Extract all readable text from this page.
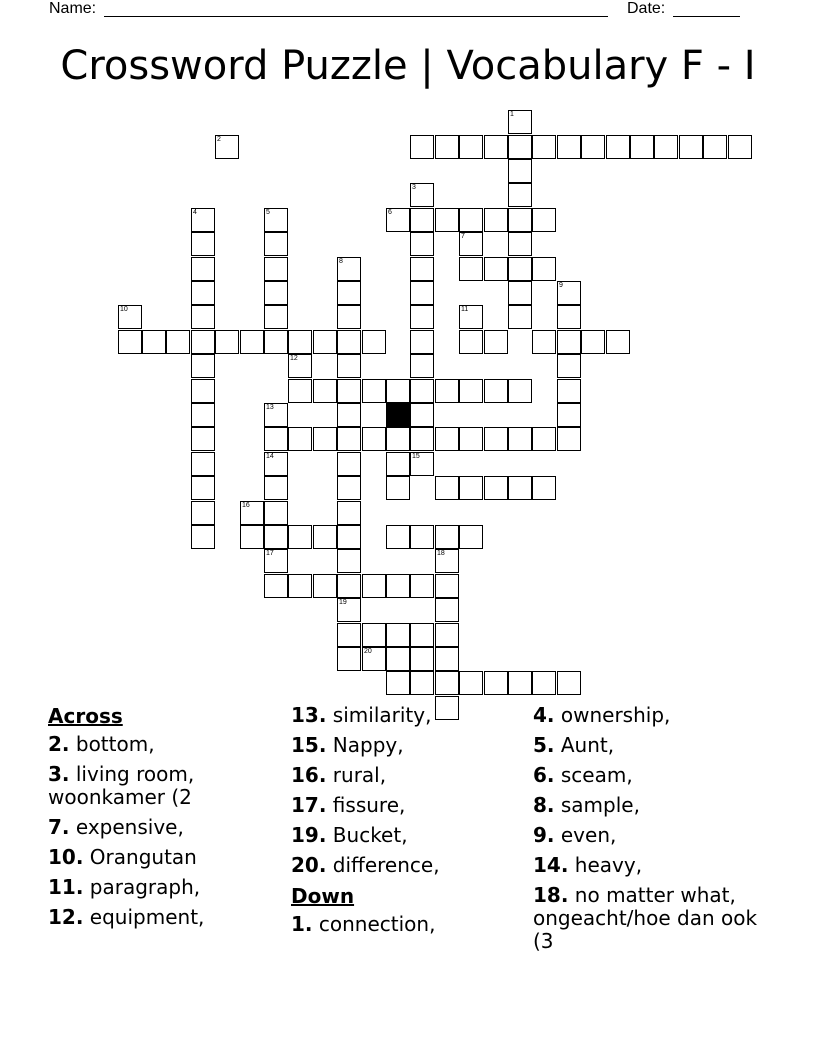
Name:	Date:
Crossword Puzzle | Vocabulary F - I
1
19
15
17
20
2
3
4	5	6
7
8
9
10	11
12
13
14
16
18
Across
2. bottom,
3. living room, woonkamer (2
7. expensive,
10. Orangutan
11. paragraph,
12. equipment,
13. similarity,
15. Nappy,
16. rural,
17. fissure,
19. Bucket,
20. difference,
Down
1. connection,
4. ownership,
5. Aunt,
6. sceam,
8. sample,
9. even,
14. heavy,
18. no matter what, ongeacht/hoe dan ook (3
